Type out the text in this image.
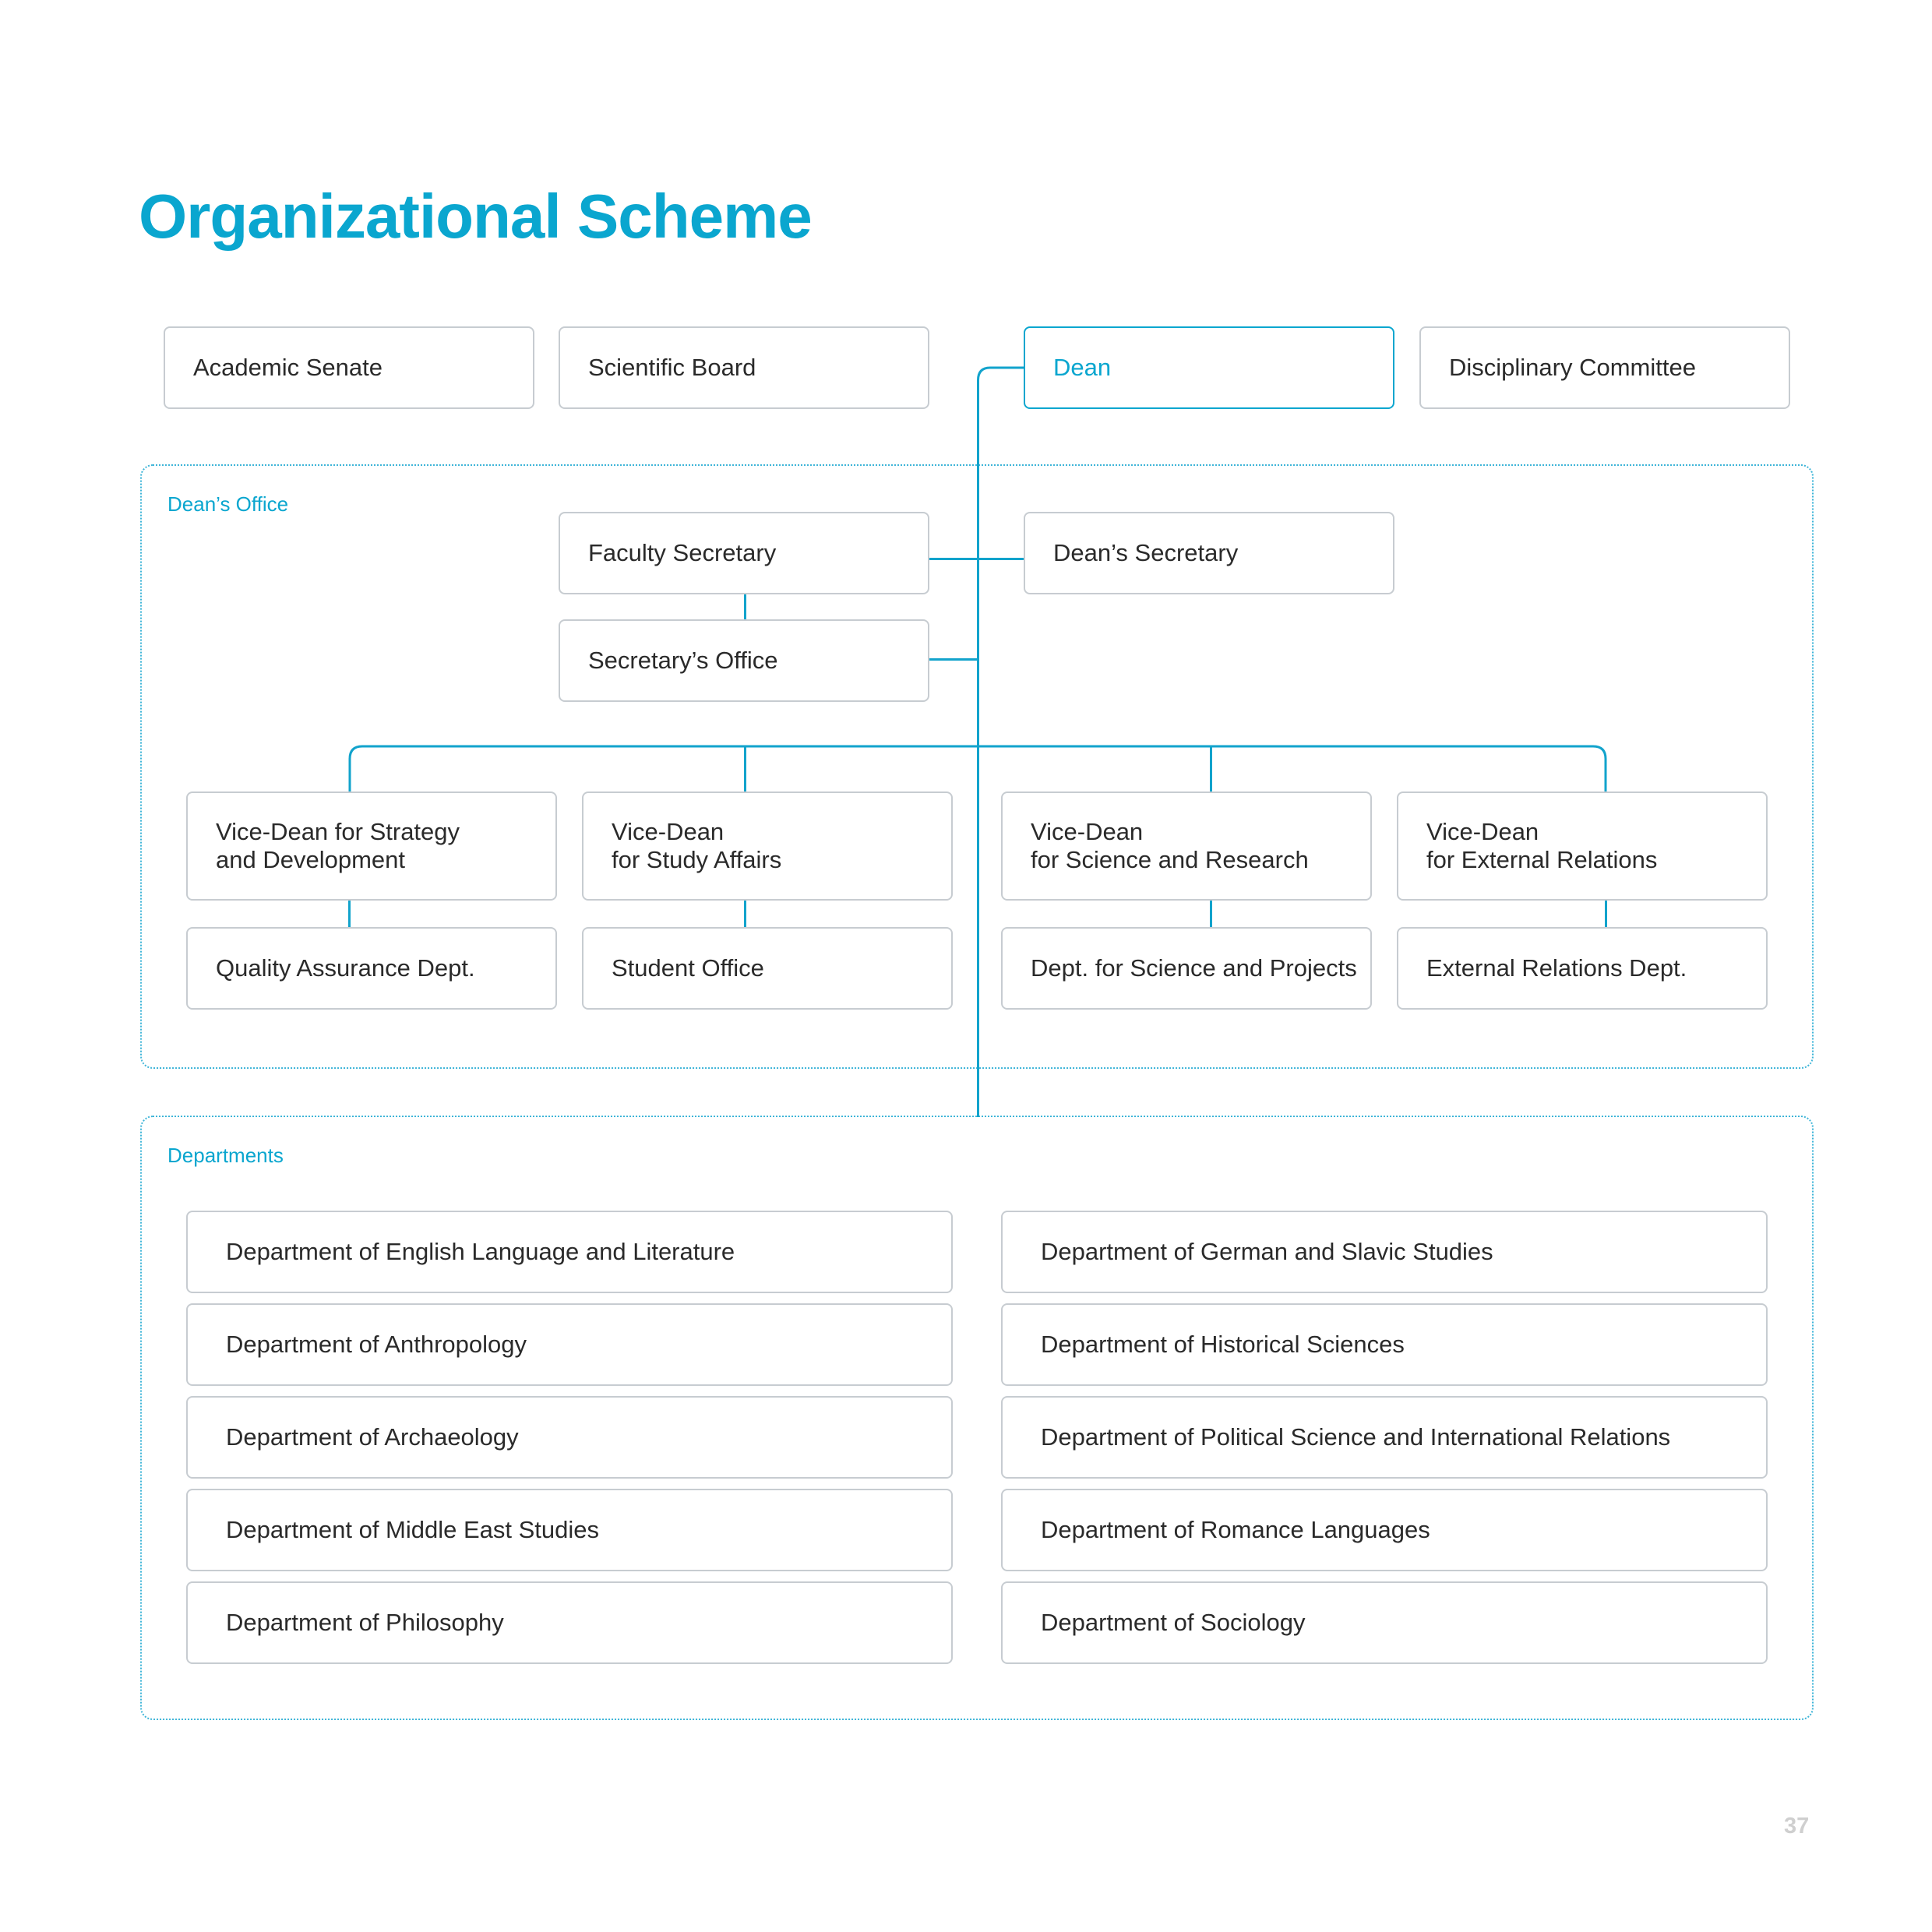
Organizational Scheme
Dean’s Office
Departments
Academic Senate	Scientific Board	Dean	Disciplinary Committee
Faculty Secretary	Dean’s Secretary
Secretary’s Office
Vice-Dean for Strategy
and Development
Vice-Dean
for Study Affairs
Vice-Dean
for Science and Research
Vice-Dean
for External Relations
Quality Assurance Dept.	Student Office	Dept. for Science and Projects	External Relations Dept.
Department of English Language and Literature
Department of Anthropology
Department of Archaeology
Department of Middle East Studies
Department of Philosophy
Department of German and Slavic Studies
Department of Historical Sciences
Department of Political Science and International Relations
Department of Romance Languages
Department of Sociology
37
